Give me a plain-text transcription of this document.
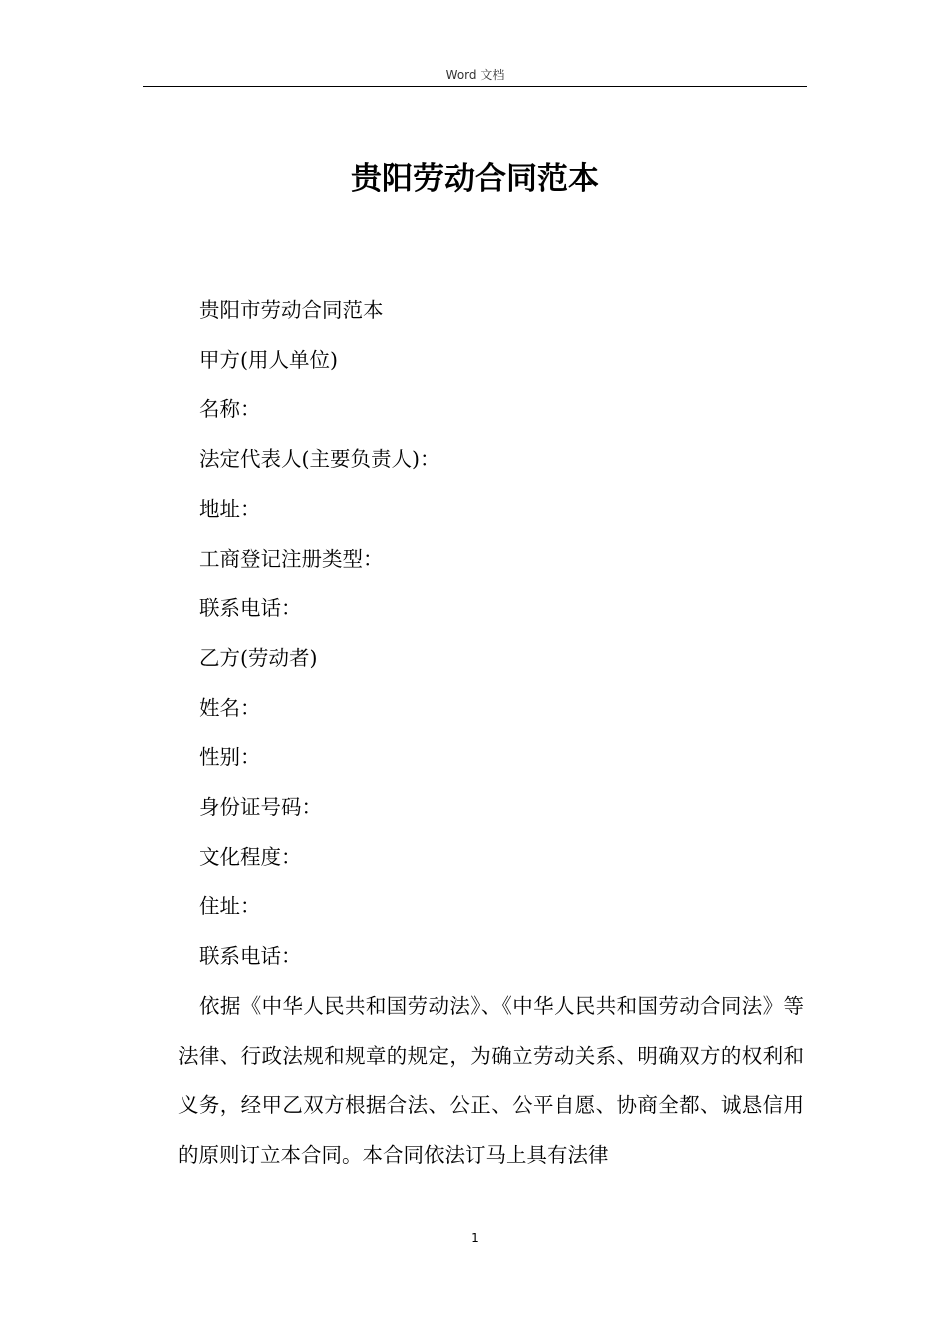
Word 文档
贵阳劳动合同范本

贵阳市劳动合同范本

甲方(用人单位)

名称：

法定代表人(主要负责人)：

地址：

工商登记注册类型：

联系电话：

乙方(劳动者)

姓名：

性别：

身份证号码：

文化程度：

住址：

联系电话：

依据《中华人民共和国劳动法》、《中华人民共和国劳动合同法》等法律、行政法规和规章的规定，为确立劳动关系、明确双方的权利和义务，经甲乙双方根据合法、公正、公平自愿、协商全都、诚恳信用的原则订立本合同。本合同依法订马上具有法律

1
